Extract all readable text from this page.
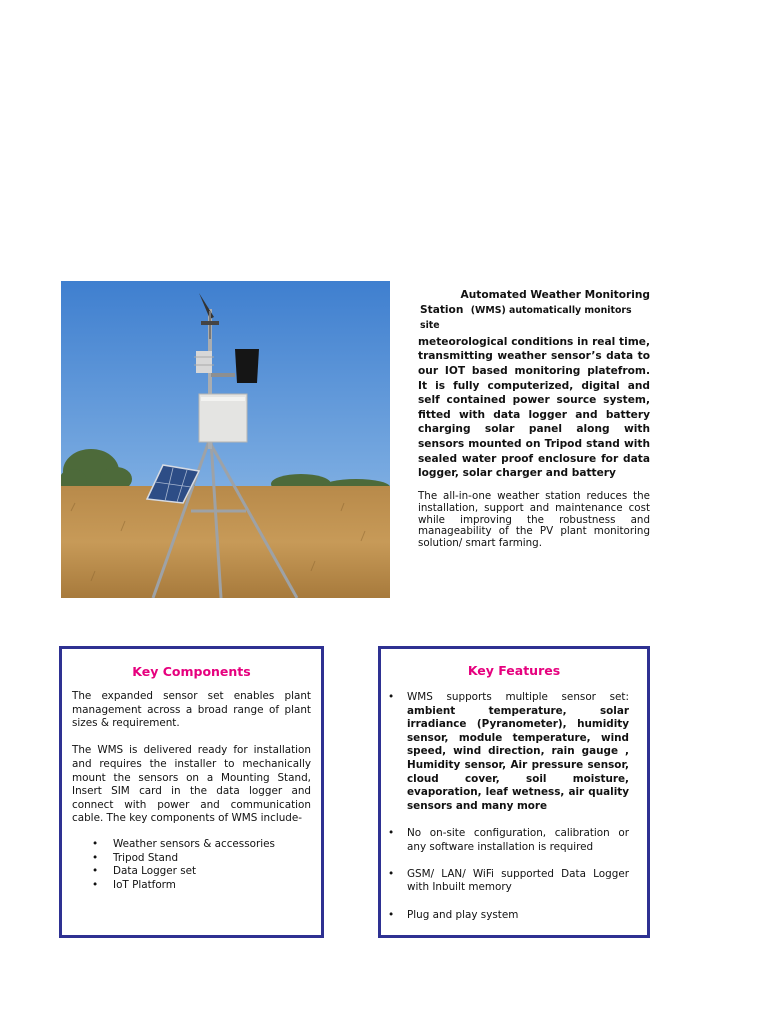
Automated Weather Monitoring
Station (WMS) automatically monitors site
meteorological conditions in real time, transmitting weather sensor’s data to our IOT based monitoring platefrom. It is fully computerized, digital and self contained power source system, fitted with data logger and battery charging solar panel along with sensors mounted on Tripod stand with sealed water proof enclosure for data logger, solar charger and battery
The all-in-one weather station reduces the installation, support and maintenance cost while improving the robustness and manageability of the PV plant monitoring solution/ smart farming.
Key Components
The expanded sensor set enables plant management across a broad range of plant sizes & requirement.
The WMS is delivered ready for installation and requires the installer to mechanically mount the sensors on a Mounting Stand, Insert SIM card in the data logger and connect with power and communication cable. The key components of WMS include-
• Weather sensors & accessories
• Tripod Stand
• Data Logger set
• IoT Platform
Key Features
• WMS supports multiple sensor set: ambient temperature, solar irradiance (Pyranometer), humidity sensor, module temperature, wind speed, wind direction, rain gauge , Humidity sensor, Air pressure sensor, cloud cover, soil moisture, evaporation, leaf wetness, air quality sensors and many more
• No on-site configuration, calibration or any software installation is required
• GSM/ LAN/ WiFi supported Data Logger with Inbuilt memory
• Plug and play system
